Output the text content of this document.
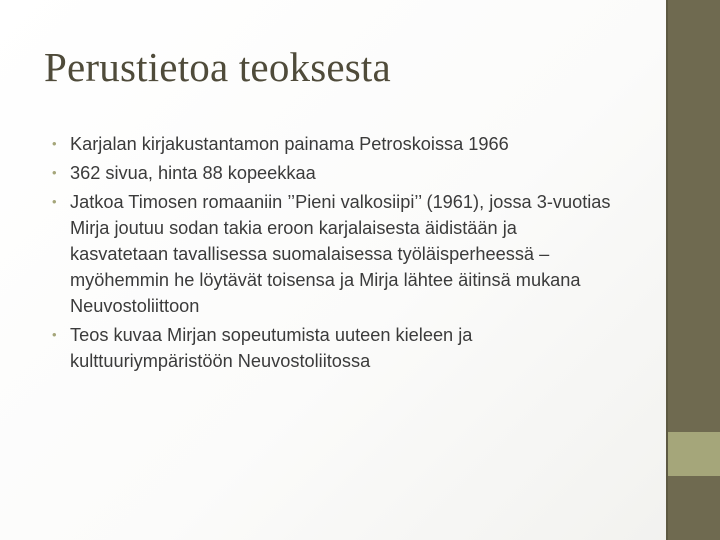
Perustietoa teoksesta
• Karjalan kirjakustantamon painama Petroskoissa 1966
• 362 sivua, hinta 88 kopeekkaa
• Jatkoa Timosen romaaniin ’’Pieni valkosiipi’’ (1961), jossa 3-vuotias Mirja joutuu sodan takia eroon karjalaisesta äidistään ja kasvatetaan tavallisessa suomalaisessa työläisperheessä – myöhemmin he löytävät toisensa ja Mirja lähtee äitinsä mukana Neuvostoliittoon
• Teos kuvaa Mirjan sopeutumista uuteen kieleen ja kulttuuriympäristöön Neuvostoliitossa
